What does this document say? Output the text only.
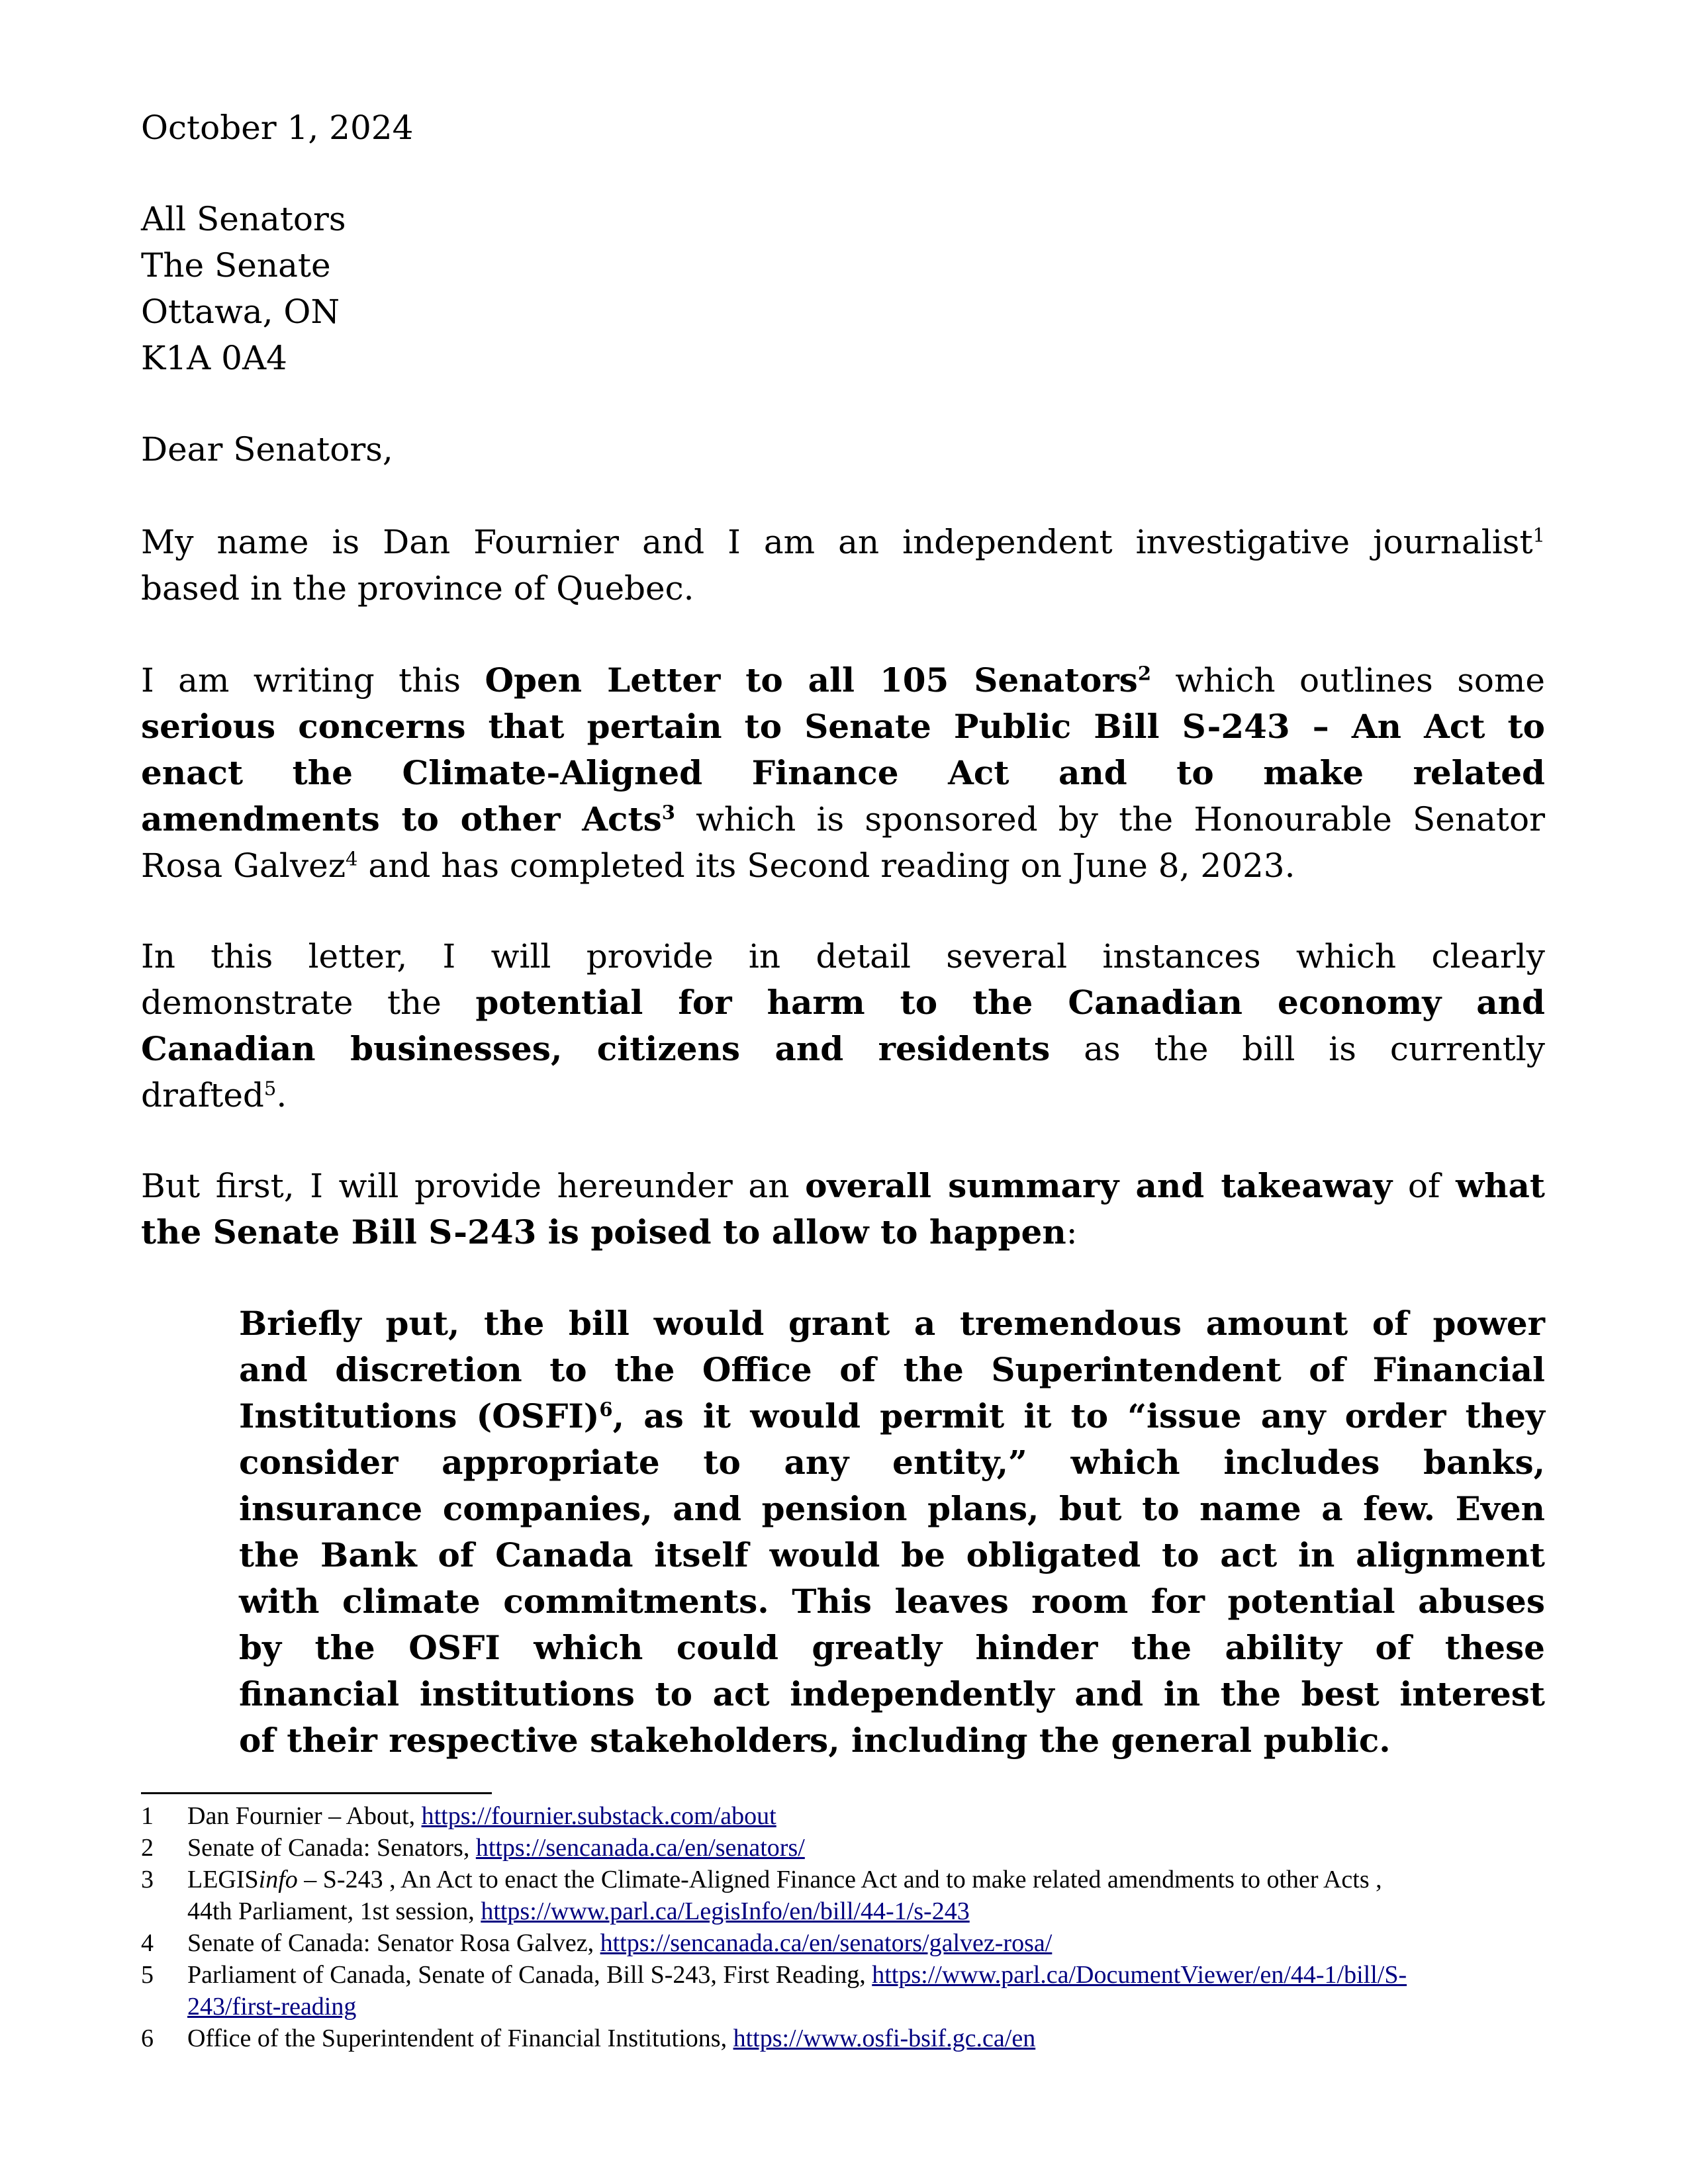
October 1, 2024
All Senators
The Senate
Ottawa, ON
K1A 0A4
Dear Senators,
My name is Dan Fournier and I am an independent investigative journalist$^1$
based in the province of Quebec.
I am writing this Open Letter to all 105 Senators$^2$ which outlines some
serious concerns that pertain to Senate Public Bill S-243 – An Act to
enact the Climate-Aligned Finance Act and to make related
amendments to other Acts$^3$ which is sponsored by the Honourable Senator
Rosa Galvez$^4$ and has completed its Second reading on June 8, 2023.
In this letter, I will provide in detail several instances which clearly
demonstrate the potential for harm to the Canadian economy and
Canadian businesses, citizens and residents as the bill is currently
drafted$^5$.
But first, I will provide hereunder an overall summary and takeaway of what
the Senate Bill S-243 is poised to allow to happen:
Briefly put, the bill would grant a tremendous amount of power
and discretion to the Office of the Superintendent of Financial
Institutions (OSFI)$^6$, as it would permit it to “issue any order they
consider appropriate to any entity,” which includes banks,
insurance companies, and pension plans, but to name a few. Even
the Bank of Canada itself would be obligated to act in alignment
with climate commitments. This leaves room for potential abuses
by the OSFI which could greatly hinder the ability of these
financial institutions to act independently and in the best interest
of their respective stakeholders, including the general public.
1 Dan Fournier – About, https://fournier.substack.com/about
2 Senate of Canada: Senators, https://sencanada.ca/en/senators/
3 LEGISinfo – S-243 , An Act to enact the Climate-Aligned Finance Act and to make related amendments to other Acts ,
44th Parliament, 1st session, https://www.parl.ca/LegisInfo/en/bill/44-1/s-243
4 Senate of Canada: Senator Rosa Galvez, https://sencanada.ca/en/senators/galvez-rosa/
5 Parliament of Canada, Senate of Canada, Bill S-243, First Reading, https://www.parl.ca/DocumentViewer/en/44-1/bill/S-
243/first-reading
6 Office of the Superintendent of Financial Institutions, https://www.osfi-bsif.gc.ca/en
